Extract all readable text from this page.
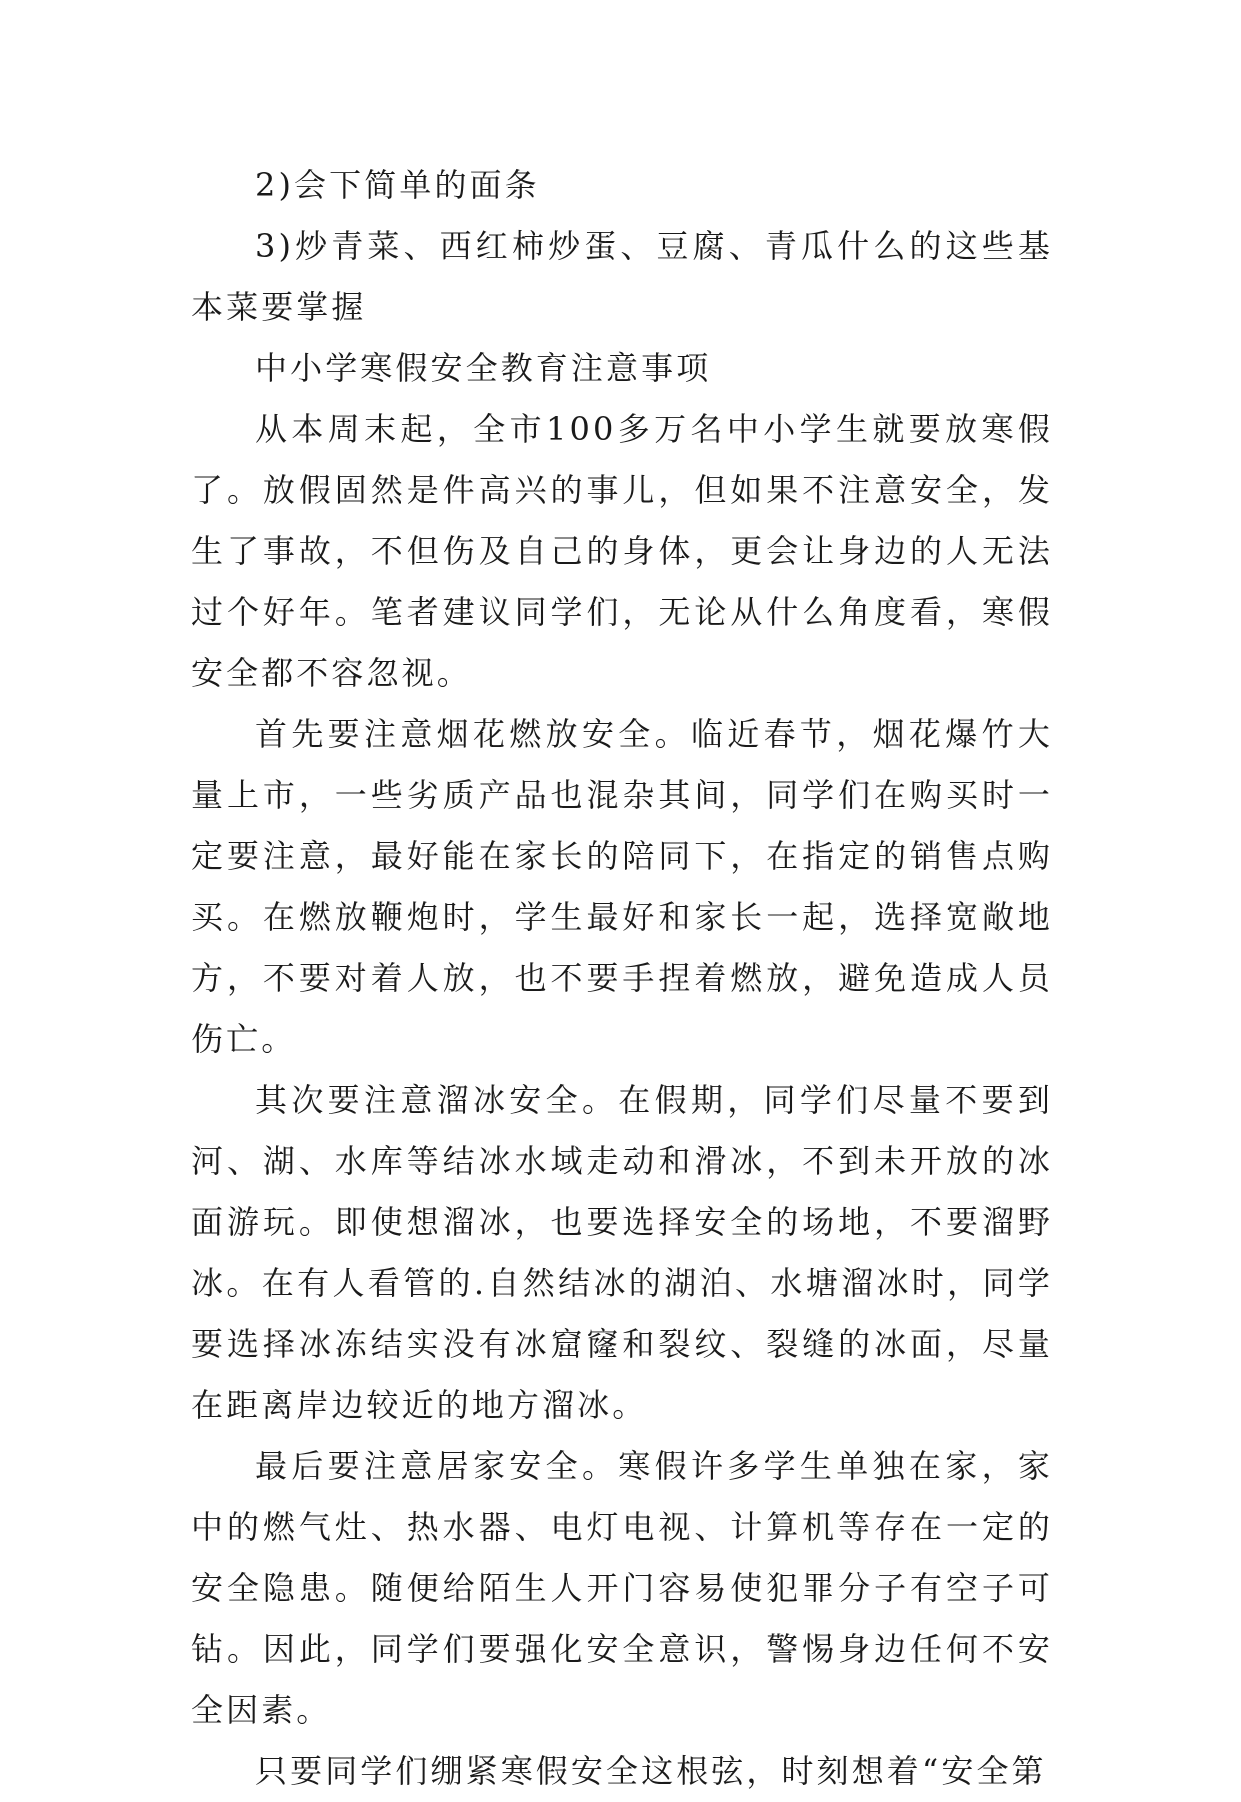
2)会下简单的面条

3)炒青菜、西红柿炒蛋、豆腐、青瓜什么的这些基本菜要掌握

中小学寒假安全教育注意事项

从本周末起，全市100多万名中小学生就要放寒假了。放假固然是件高兴的事儿，但如果不注意安全，发生了事故，不但伤及自己的身体，更会让身边的人无法过个好年。笔者建议同学们，无论从什么角度看，寒假安全都不容忽视。

首先要注意烟花燃放安全。临近春节，烟花爆竹大量上市，一些劣质产品也混杂其间，同学们在购买时一定要注意，最好能在家长的陪同下，在指定的销售点购买。在燃放鞭炮时，学生最好和家长一起，选择宽敞地方，不要对着人放，也不要手捏着燃放，避免造成人员伤亡。

其次要注意溜冰安全。在假期，同学们尽量不要到河、湖、水库等结冰水域走动和滑冰，不到未开放的冰面游玩。即使想溜冰，也要选择安全的场地，不要溜野冰。在有人看管的.自然结冰的湖泊、水塘溜冰时，同学要选择冰冻结实没有冰窟窿和裂纹、裂缝的冰面，尽量在距离岸边较近的地方溜冰。

最后要注意居家安全。寒假许多学生单独在家，家中的燃气灶、热水器、电灯电视、计算机等存在一定的安全隐患。随便给陌生人开门容易使犯罪分子有空子可钻。因此，同学们要强化安全意识，警惕身边任何不安全因素。

只要同学们绷紧寒假安全这根弦，时刻想着“安全第
